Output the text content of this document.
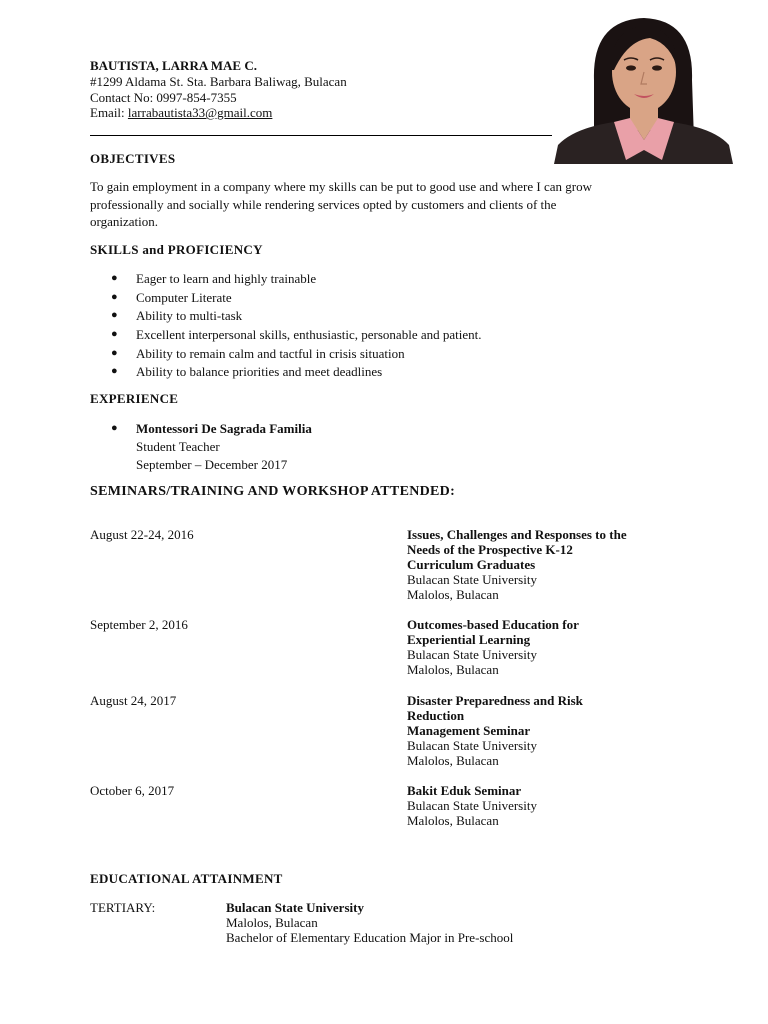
BAUTISTA, LARRA MAE C.
#1299 Aldama St. Sta. Barbara Baliwag, Bulacan
Contact No: 0997-854-7355
Email: larrabautista33@gmail.com
OBJECTIVES
To gain employment in a company where my skills can be put to good use and where I can grow
professionally and socially while rendering services opted by customers and clients of the
organization.
SKILLS and PROFICIENCY
● Eager to learn and highly trainable
● Computer Literate
● Ability to multi-task
● Excellent interpersonal skills, enthusiastic, personable and patient.
● Ability to remain calm and tactful in crisis situation
● Ability to balance priorities and meet deadlines
EXPERIENCE
● Montessori De Sagrada Familia
Student Teacher
September – December 2017
SEMINARS/TRAINING AND WORKSHOP ATTENDED:
August 22-24, 2016	Issues, Challenges and Responses to the
Needs of the Prospective K-12
Curriculum Graduates
Bulacan State University
Malolos, Bulacan
September 2, 2016	Outcomes-based Education for
Experiential Learning
Bulacan State University
Malolos, Bulacan
August 24, 2017	Disaster Preparedness and Risk
Reduction
Management Seminar
Bulacan State University
Malolos, Bulacan
October 6, 2017	Bakit Eduk Seminar
Bulacan State University
Malolos, Bulacan
EDUCATIONAL ATTAINMENT
TERTIARY:	Bulacan State University
Malolos, Bulacan
Bachelor of Elementary Education Major in Pre-school
